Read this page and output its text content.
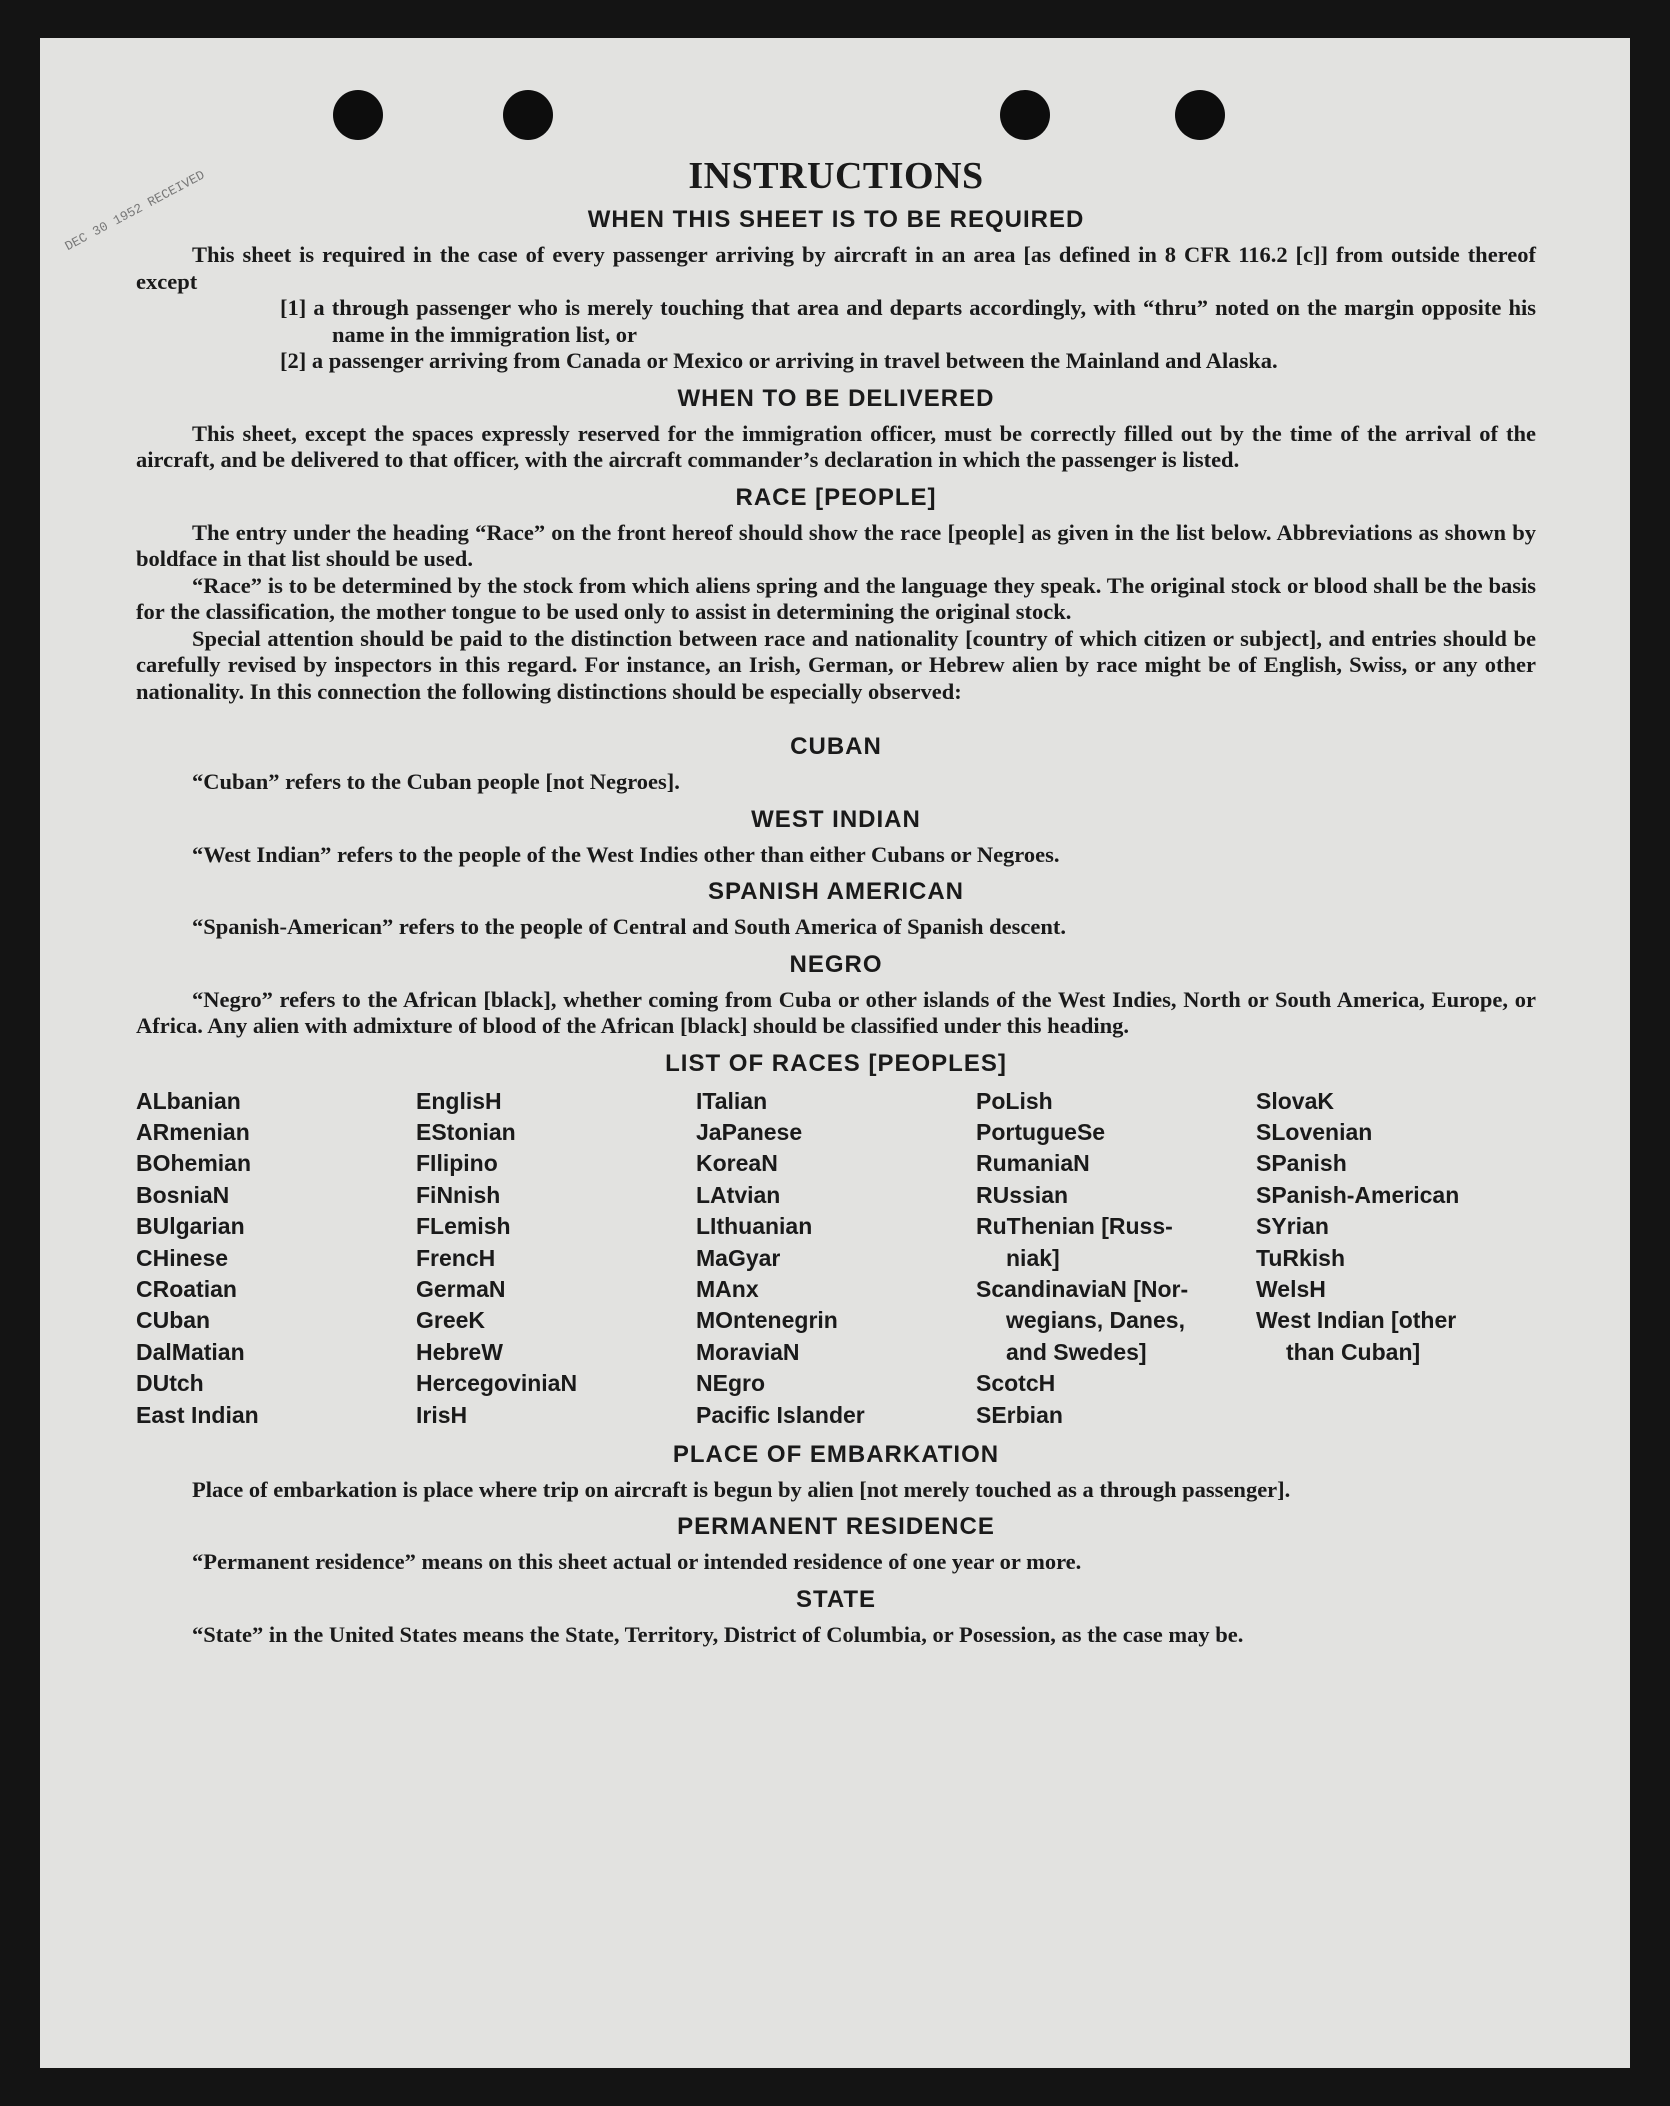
DEC 30 1952 RECEIVED	INSTRUCTIONS
WHEN THIS SHEET IS TO BE REQUIRED

This sheet is required in the case of every passenger arriving by aircraft in an area [as defined in 8 CFR 116.2 [c]] from outside thereof except

[1] a through passenger who is merely touching that area and departs accordingly, with “thru” noted on the margin opposite his name in the immigration list, or
[2] a passenger arriving from Canada or Mexico or arriving in travel between the Mainland and Alaska.
WHEN TO BE DELIVERED

This sheet, except the spaces expressly reserved for the immigration officer, must be correctly filled out by the time of the arrival of the aircraft, and be delivered to that officer, with the aircraft commander’s declaration in which the passenger is listed.

RACE [PEOPLE]

The entry under the heading “Race” on the front hereof should show the race [people] as given in the list below. Abbreviations as shown by boldface in that list should be used.

“Race” is to be determined by the stock from which aliens spring and the language they speak. The original stock or blood shall be the basis for the classification, the mother tongue to be used only to assist in determining the original stock.

Special attention should be paid to the distinction between race and nationality [country of which citizen or subject], and entries should be carefully revised by inspectors in this regard. For instance, an Irish, German, or Hebrew alien by race might be of English, Swiss, or any other nationality. In this connection the following distinctions should be especially observed:

CUBAN

“Cuban” refers to the Cuban people [not Negroes].

WEST INDIAN

“West Indian” refers to the people of the West Indies other than either Cubans or Negroes.

SPANISH AMERICAN

“Spanish-American” refers to the people of Central and South America of Spanish descent.

NEGRO

“Negro” refers to the African [black], whether coming from Cuba or other islands of the West Indies, North or South America, Europe, or Africa. Any alien with admixture of blood of the African [black] should be classified under this heading.

LIST OF RACES [PEOPLES]
ALbanian
ARmenian
BOhemian
BosniaN
BUlgarian
CHinese
CRoatian
CUban
DalMatian
DUtch
East Indian
EnglisH
EStonian
FIlipino
FiNnish
FLemish
FrencH
GermaN
GreeK
HebreW
HercegoviniaN
IrisH
ITalian
JaPanese
KoreaN
LAtvian
LIthuanian
MaGyar
MAnx
MOntenegrin
MoraviaN
NEgro
Pacific Islander
PoLish
PortugueSe
RumaniaN
RUssian
RuThenian [Russ-
niak]
ScandinaviaN [Nor-
wegians, Danes,
and Swedes]
ScotcH
SErbian
SlovaK
SLovenian
SPanish
SPanish-American
SYrian
TuRkish
WelsH
West Indian [other
than Cuban]
PLACE OF EMBARKATION

Place of embarkation is place where trip on aircraft is begun by alien [not merely touched as a through passenger].

PERMANENT RESIDENCE

“Permanent residence” means on this sheet actual or intended residence of one year or more.

STATE

“State” in the United States means the State, Territory, District of Columbia, or Posession, as the case may be.
